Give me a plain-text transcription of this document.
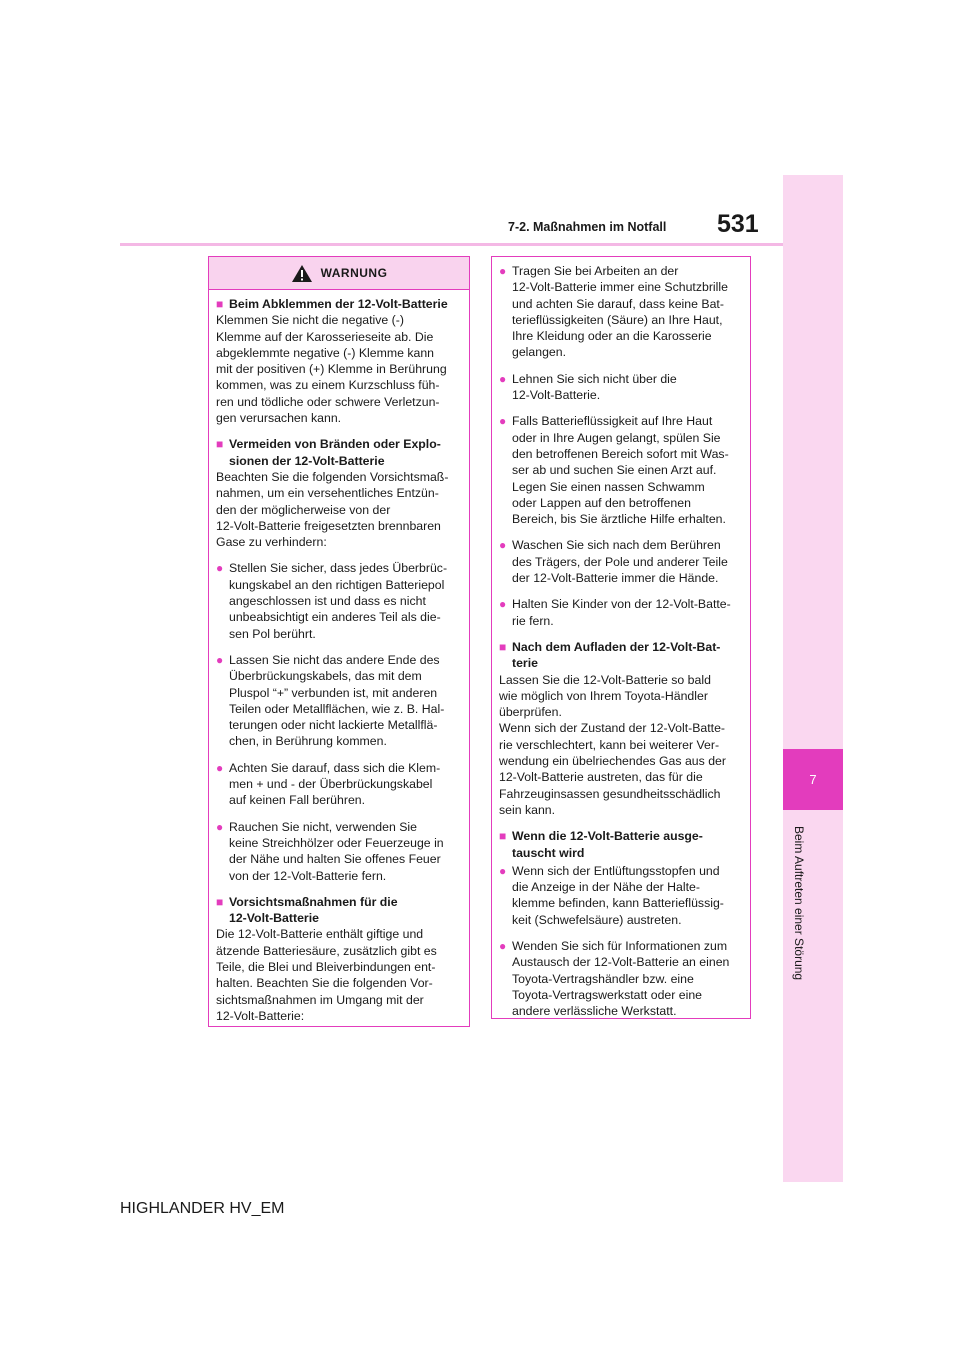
7-2. Maßnahmen im Notfall 531
7
Beim Auftreten einer Störung
WARNUNG
■ Beim Abklemmen der 12-Volt-Batterie

Klemmen Sie nicht die negative (-)
Klemme auf der Karosserieseite ab. Die
abgeklemmte negative (-) Klemme kann
mit der positiven (+) Klemme in Berührung
kommen, was zu einem Kurzschluss füh-
ren und tödliche oder schwere Verletzun-
gen verursachen kann.

■ Vermeiden von Bränden oder Explo-
sionen der 12-Volt-Batterie

Beachten Sie die folgenden Vorsichtsmaß-
nahmen, um ein versehentliches Entzün-
den der möglicherweise von der
12-Volt-Batterie freigesetzten brennbaren
Gase zu verhindern:

● Stellen Sie sicher, dass jedes Überbrüc-
kungskabel an den richtigen Batteriepol
angeschlossen ist und dass es nicht
unbeabsichtigt ein anderes Teil als die-
sen Pol berührt.
● Lassen Sie nicht das andere Ende des
Überbrückungskabels, das mit dem
Pluspol “+” verbunden ist, mit anderen
Teilen oder Metallflächen, wie z. B. Hal-
terungen oder nicht lackierte Metallflä-
chen, in Berührung kommen.
● Achten Sie darauf, dass sich die Klem-
men + und - der Überbrückungskabel
auf keinen Fall berühren.
● Rauchen Sie nicht, verwenden Sie
keine Streichhölzer oder Feuerzeuge in
der Nähe und halten Sie offenes Feuer
von der 12-Volt-Batterie fern.
■ Vorsichtsmaßnahmen für die
12-Volt-Batterie

Die 12-Volt-Batterie enthält giftige und
ätzende Batteriesäure, zusätzlich gibt es
Teile, die Blei und Bleiverbindungen ent-
halten. Beachten Sie die folgenden Vor-
sichtsmaßnahmen im Umgang mit der
12-Volt-Batterie:

● Tragen Sie bei Arbeiten an der
12-Volt-Batterie immer eine Schutzbrille
und achten Sie darauf, dass keine Bat-
terieflüssigkeiten (Säure) an Ihre Haut,
Ihre Kleidung oder an die Karosserie
gelangen.
● Lehnen Sie sich nicht über die
12-Volt-Batterie.
● Falls Batterieflüssigkeit auf Ihre Haut
oder in Ihre Augen gelangt, spülen Sie
den betroffenen Bereich sofort mit Was-
ser ab und suchen Sie einen Arzt auf.
Legen Sie einen nassen Schwamm
oder Lappen auf den betroffenen
Bereich, bis Sie ärztliche Hilfe erhalten.
● Waschen Sie sich nach dem Berühren
des Trägers, der Pole und anderer Teile
der 12-Volt-Batterie immer die Hände.
● Halten Sie Kinder von der 12-Volt-Batte-
rie fern.
■ Nach dem Aufladen der 12-Volt-Bat-
terie

Lassen Sie die 12-Volt-Batterie so bald
wie möglich von Ihrem Toyota-Händler
überprüfen.
Wenn sich der Zustand der 12-Volt-Batte-
rie verschlechtert, kann bei weiterer Ver-
wendung ein übelriechendes Gas aus der
12-Volt-Batterie austreten, das für die
Fahrzeuginsassen gesundheitsschädlich
sein kann.

■ Wenn die 12-Volt-Batterie ausge-
tauscht wird
● Wenn sich der Entlüftungsstopfen und
die Anzeige in der Nähe der Halte-
klemme befinden, kann Batterieflüssig-
keit (Schwefelsäure) austreten.
● Wenden Sie sich für Informationen zum
Austausch der 12-Volt-Batterie an einen
Toyota-Vertragshändler bzw. eine
Toyota-Vertragswerkstatt oder eine
andere verlässliche Werkstatt.
HIGHLANDER HV_EM
